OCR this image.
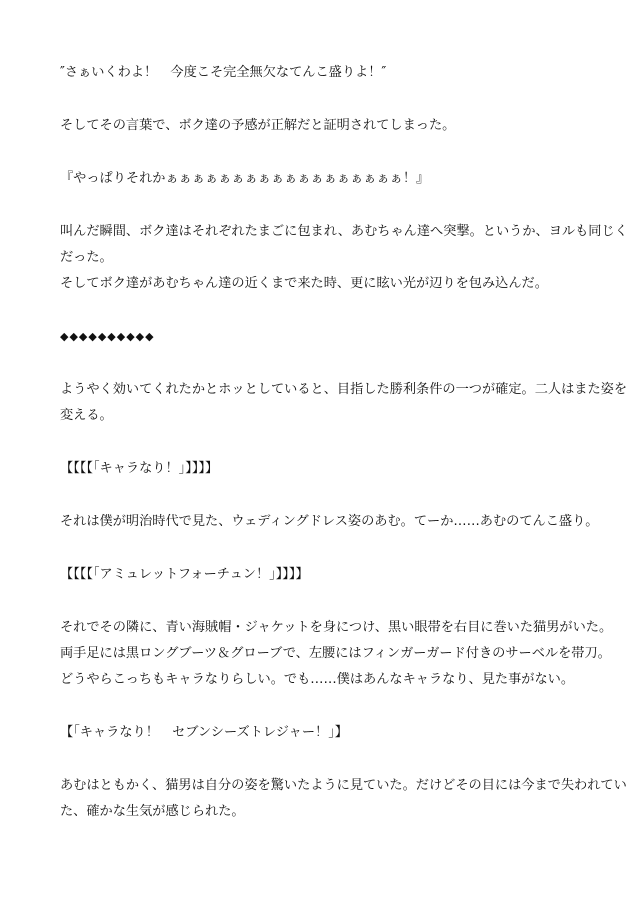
″さぁいくわよ！　今度こそ完全無欠なてんこ盛りよ！″
そしてその言葉で、ボク達の予感が正解だと証明されてしまった。
『やっぱりそれかぁぁぁぁぁぁぁぁぁぁぁぁぁぁぁぁぁぁ！』
叫んだ瞬間、ボク達はそれぞれたまごに包まれ、あむちゃん達へ突撃。というか、ヨルも同じく
だった。
そしてボク達があむちゃん達の近くまで来た時、更に眩い光が辺りを包み込んだ。
◆◆◆◆◆◆◆◆◆◆
ようやく効いてくれたかとホッとしていると、目指した勝利条件の一つが確定。二人はまた姿を
変える。
【【【【「キャラなり！」】】】】
それは僕が明治時代で見た、ウェディングドレス姿のあむ。てーか……あむのてんこ盛り。
【【【【「アミュレットフォーチュン！」】】】】
それでその隣に、青い海賊帽・ジャケットを身につけ、黒い眼帯を右目に巻いた猫男がいた。
両手足には黒ロングブーツ＆グローブで、左腰にはフィンガーガード付きのサーベルを帯刀。
どうやらこっちもキャラなりらしい。でも……僕はあんなキャラなり、見た事がない。
【「キャラなり！　セブンシーズトレジャー！」】
あむはともかく、猫男は自分の姿を驚いたように見ていた。だけどその目には今まで失われてい
た、確かな生気が感じられた。
